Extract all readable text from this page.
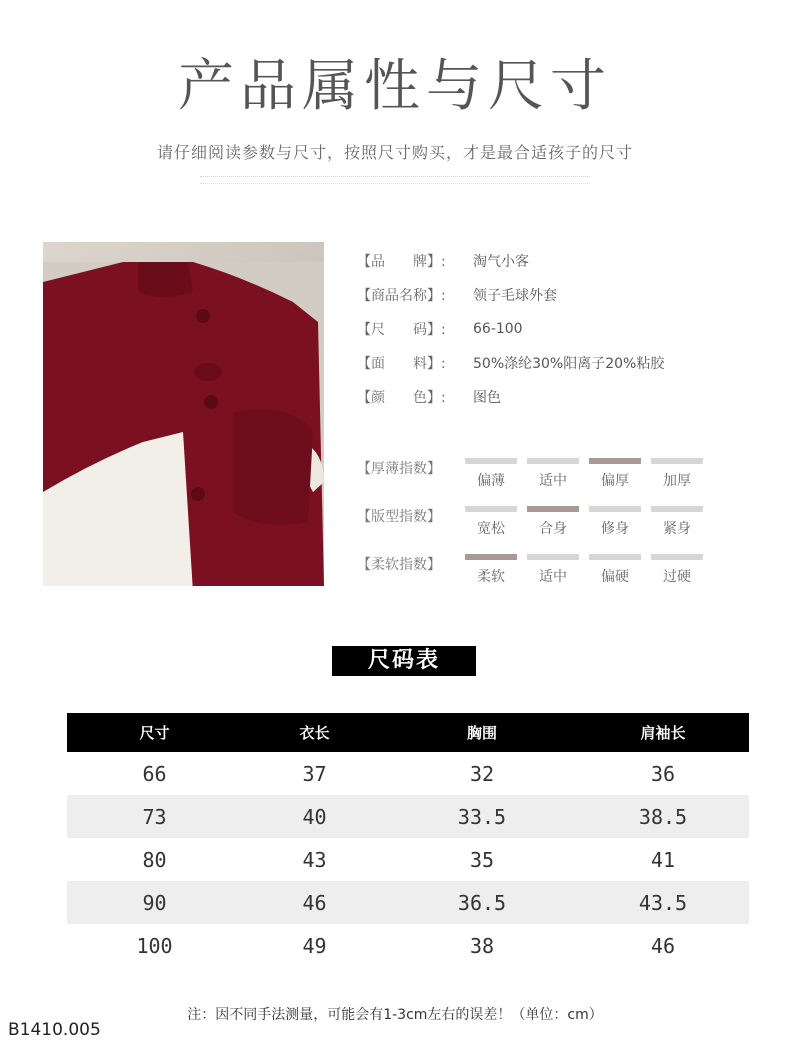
产品属性与尺寸
请仔细阅读参数与尺寸，按照尺寸购买，才是最合适孩子的尺寸
【品　　牌】:	淘气小客
【商品名称】:	领子毛球外套
【尺　　码】:	66-100
【面　　料】:	50%涤纶30%阳离子20%粘胶
【颜　　色】:	图色
【厚薄指数】
偏薄	适中	偏厚	加厚
【版型指数】
宽松	合身	修身	紧身
【柔软指数】
柔软	适中	偏硬	过硬
尺码表
尺寸	衣长	胸围	肩袖长
66	37	32	36
73	40	33.5	38.5
80	43	35	41
90	46	36.5	43.5
100	49	38	46
注：因不同手法测量，可能会有1-3cm左右的误差！（单位：cm）
B1410.005
